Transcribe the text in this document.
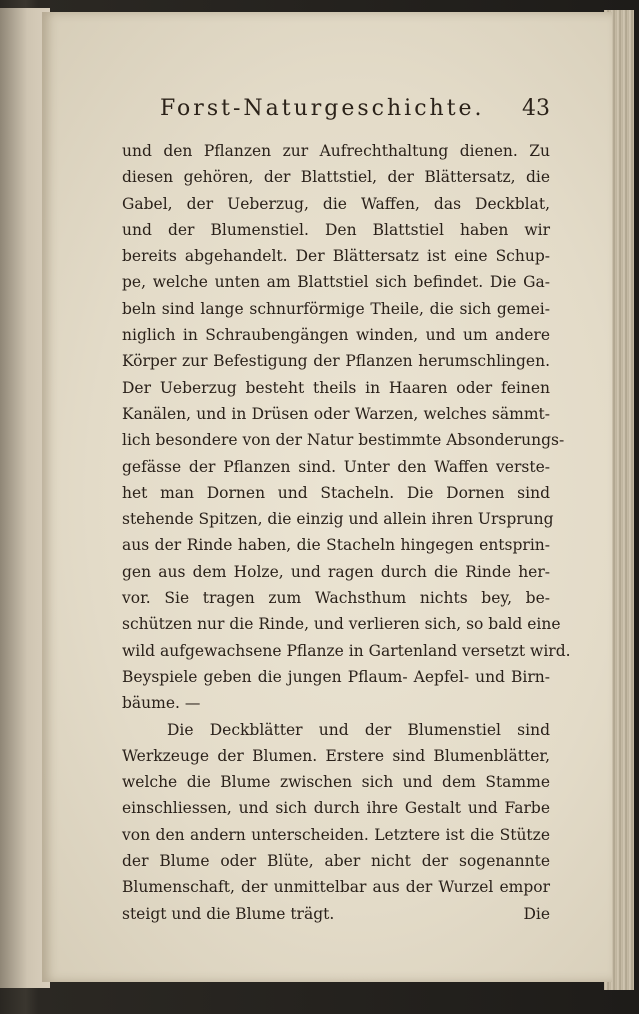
Forst-Naturgeschichte. 43
und den Pflanzen zur Aufrechthaltung dienen. Zu
diesen gehören, der Blattstiel, der Blättersatz, die
Gabel, der Ueberzug, die Waffen, das Deckblat,
und der Blumenstiel. Den Blattstiel haben wir
bereits abgehandelt. Der Blättersatz ist eine Schup-
pe, welche unten am Blattstiel sich befindet. Die Ga-
beln sind lange schnurförmige Theile, die sich gemei-
niglich in Schraubengängen winden, und um andere
Körper zur Befestigung der Pflanzen herumschlingen.
Der Ueberzug besteht theils in Haaren oder feinen
Kanälen, und in Drüsen oder Warzen, welches sämmt-
lich besondere von der Natur bestimmte Absonderungs-
gefässe der Pflanzen sind. Unter den Waffen verste-
het man Dornen und Stacheln. Die Dornen sind
stehende Spitzen, die einzig und allein ihren Ursprung
aus der Rinde haben, die Stacheln hingegen entsprin-
gen aus dem Holze, und ragen durch die Rinde her-
vor. Sie tragen zum Wachsthum nichts bey, be-
schützen nur die Rinde, und verlieren sich, so bald eine
wild aufgewachsene Pflanze in Gartenland versetzt wird.
Beyspiele geben die jungen Pflaum- Aepfel- und Birn-
bäume. —
Die Deckblätter und der Blumenstiel sind
Werkzeuge der Blumen. Erstere sind Blumenblätter,
welche die Blume zwischen sich und dem Stamme
einschliessen, und sich durch ihre Gestalt und Farbe
von den andern unterscheiden. Letztere ist die Stütze
der Blume oder Blüte, aber nicht der sogenannte
Blumenschaft, der unmittelbar aus der Wurzel empor
steigt und die Blume trägt.	Die
